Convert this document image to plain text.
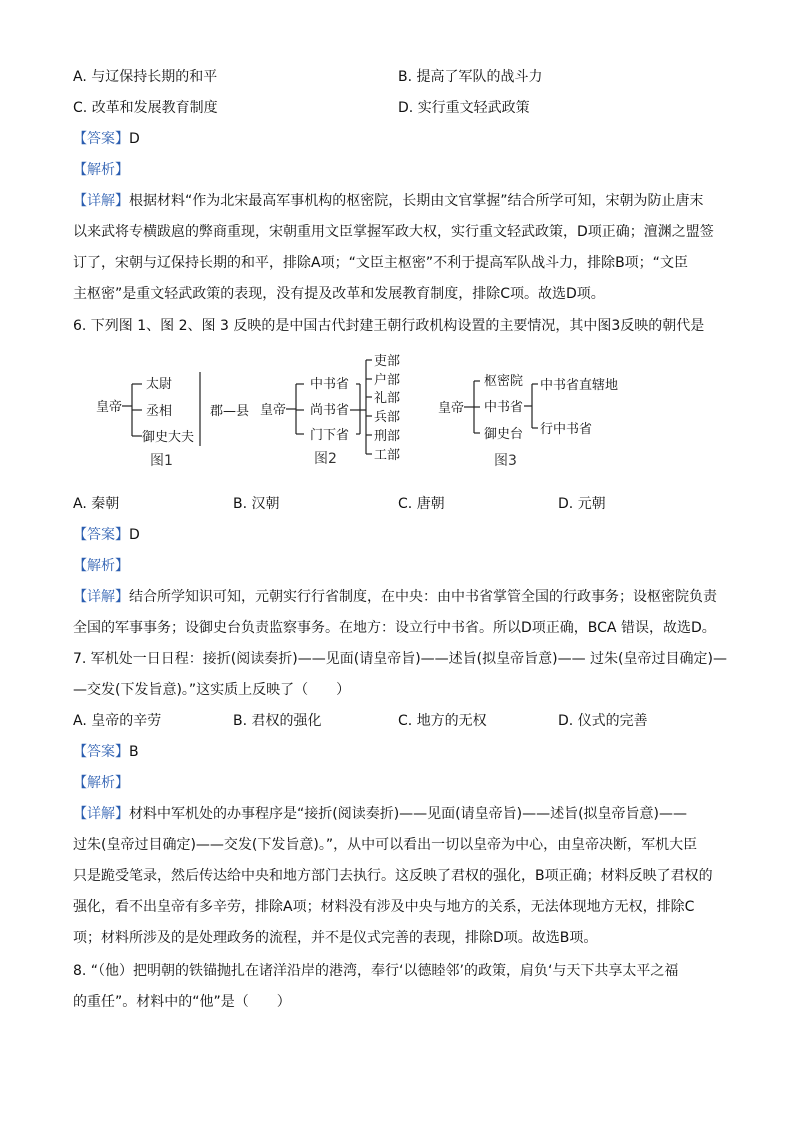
A. 与辽保持长期的和平	B. 提高了军队的战斗力
C. 改革和发展教育制度	D. 实行重文轻武政策
【答案】D
【解析】
【详解】根据材料“作为北宋最高军事机构的枢密院，长期由文官掌握”结合所学可知，宋朝为防止唐末
以来武将专横跋扈的弊商重现，宋朝重用文臣掌握军政大权，实行重文轻武政策，D项正确；澶渊之盟签
订了，宋朝与辽保持长期的和平，排除A项；“文臣主枢密”不利于提高军队战斗力，排除B项；“文臣
主枢密”是重文轻武政策的表现，没有提及改革和发展教育制度，排除C项。故选D项。
6. 下列图 1、图 2、图 3 反映的是中国古代封建王朝行政机构设置的主要情况，其中图3反映的朝代是
皇帝
太尉
丞相
御史大夫
郡—县
图1
皇帝
中书省
尚书省
门下省
吏部
户部
礼部
兵部
刑部
工部
图2
皇帝
枢密院
中书省
御史台
中书省直辖地
行中书省
图3
A. 秦朝	B. 汉朝	C. 唐朝	D. 元朝
【答案】D
【解析】
【详解】结合所学知识可知，元朝实行行省制度，在中央：由中书省掌管全国的行政事务；设枢密院负责
全国的军事事务；设御史台负责监察事务。在地方：设立行中书省。所以D项正确，BCA 错误，故选D。
7. 军机处一日日程：接折(阅读奏折)——见面(请皇帝旨)——述旨(拟皇帝旨意)—— 过朱(皇帝过目确定)—
—交发(下发旨意)。”这实质上反映了（　　）
A. 皇帝的辛劳	B. 君权的强化	C. 地方的无权	D. 仪式的完善
【答案】B
【解析】
【详解】材料中军机处的办事程序是“接折(阅读奏折)——见面(请皇帝旨)——述旨(拟皇帝旨意)——
过朱(皇帝过目确定)——交发(下发旨意)。”，从中可以看出一切以皇帝为中心，由皇帝决断，军机大臣
只是跪受笔录，然后传达给中央和地方部门去执行。这反映了君权的强化，B项正确；材料反映了君权的
强化，看不出皇帝有多辛劳，排除A项；材料没有涉及中央与地方的关系，无法体现地方无权，排除C
项；材料所涉及的是处理政务的流程，并不是仪式完善的表现，排除D项。故选B项。
8. “（他）把明朝的铁锚抛扎在诸洋沿岸的港湾，奉行‘以德睦邻’的政策，肩负‘与天下共享太平之福
的重任”。材料中的“他”是（　　）
